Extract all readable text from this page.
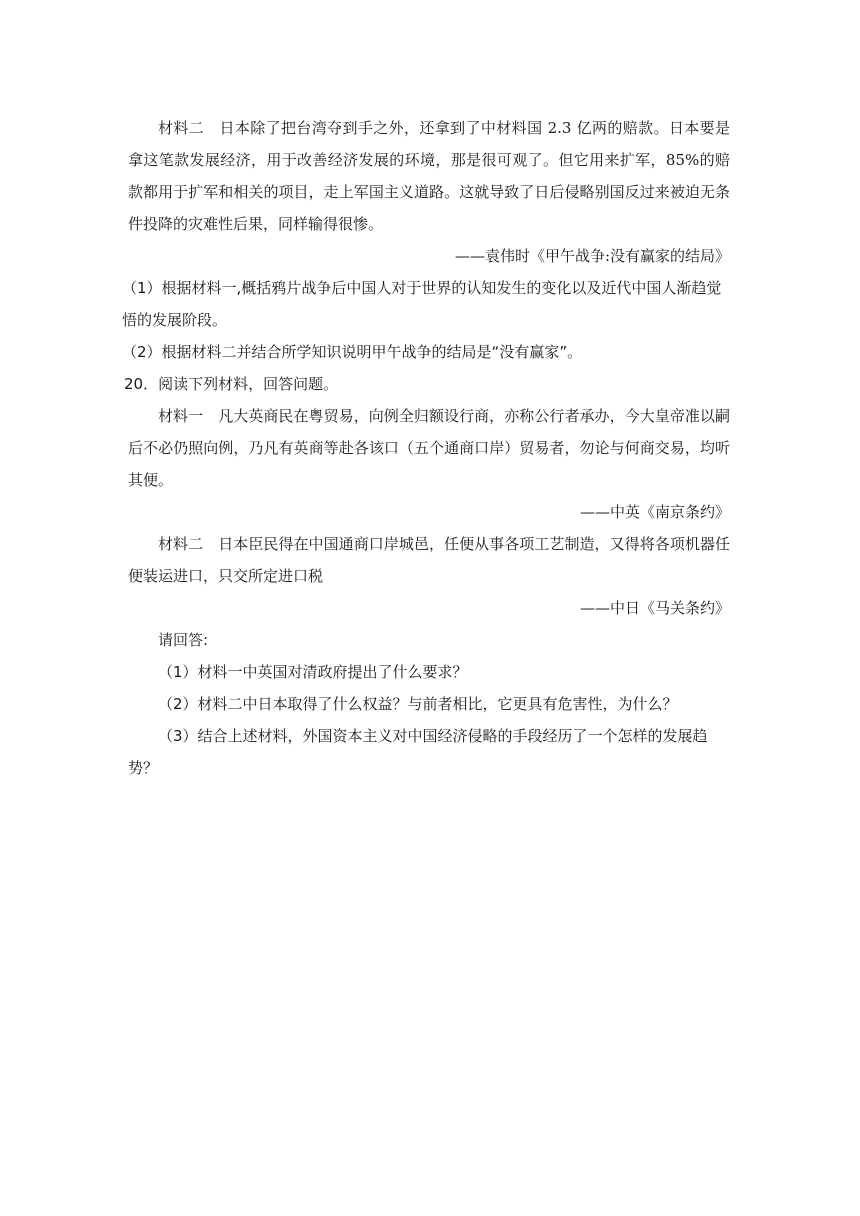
材料二　日本除了把台湾夺到手之外，还拿到了中材料国 2.3 亿两的赔款。日本要是拿这笔款发展经济，用于改善经济发展的环境，那是很可观了。但它用来扩军，85%的赔款都用于扩军和相关的项目，走上军国主义道路。这就导致了日后侵略别国反过来被迫无条件投降的灾难性后果，同样输得很惨。

——袁伟时《甲午战争:没有赢家的结局》

（1）根据材料一,概括鸦片战争后中国人对于世界的认知发生的变化以及近代中国人渐趋觉悟的发展阶段。

（2）根据材料二并结合所学知识说明甲午战争的结局是“没有赢家”。

20．阅读下列材料，回答问题。

材料一　凡大英商民在粤贸易，向例全归额设行商，亦称公行者承办，今大皇帝准以嗣后不必仍照向例，乃凡有英商等赴各该口（五个通商口岸）贸易者，勿论与何商交易，均听其便。

——中英《南京条约》

材料二　日本臣民得在中国通商口岸城邑，任便从事各项工艺制造，又得将各项机器任便装运进口，只交所定进口税

——中日《马关条约》

请回答:

（1）材料一中英国对清政府提出了什么要求？

（2）材料二中日本取得了什么权益？与前者相比，它更具有危害性，为什么？

（3）结合上述材料，外国资本主义对中国经济侵略的手段经历了一个怎样的发展趋势？
